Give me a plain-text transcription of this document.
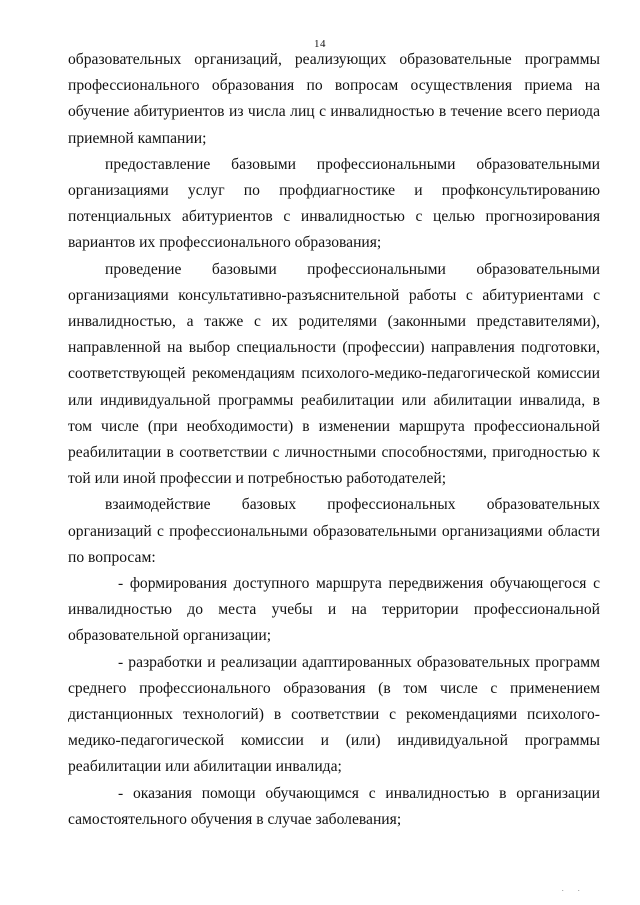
14

образовательных организаций, реализующих образовательные программы профессионального образования по вопросам осуществления приема на обучение абитуриентов из числа лиц с инвалидностью в течение всего периода приемной кампании;

предоставление базовыми профессиональными образовательными организациями услуг по профдиагностике и профконсультированию потенциальных абитуриентов с инвалидностью с целью прогнозирования вариантов их профессионального образования;

проведение базовыми профессиональными образовательными организациями консультативно-разъяснительной работы с абитуриентами с инвалидностью, а также с их родителями (законными представителями), направленной на выбор специальности (профессии) направления подготовки, соответствующей рекомендациям психолого-медико-педагогической комиссии или индивидуальной программы реабилитации или абилитации инвалида, в том числе (при необходимости) в изменении маршрута профессиональной реабилитации в соответствии с личностными способностями, пригодностью к той или иной профессии и потребностью работодателей;

взаимодействие базовых профессиональных образовательных организаций с профессиональными образовательными организациями области по вопросам:

- формирования доступного маршрута передвижения обучающегося с инвалидностью до места учебы и на территории профессиональной образовательной организации;

- разработки и реализации адаптированных образовательных программ среднего профессионального образования (в том числе с применением дистанционных технологий) в соответствии с рекомендациями психолого-медико-педагогической комиссии и (или) индивидуальной программы реабилитации или абилитации инвалида;

- оказания помощи обучающимся с инвалидностью в организации самостоятельного обучения в случае заболевания;

· ·
